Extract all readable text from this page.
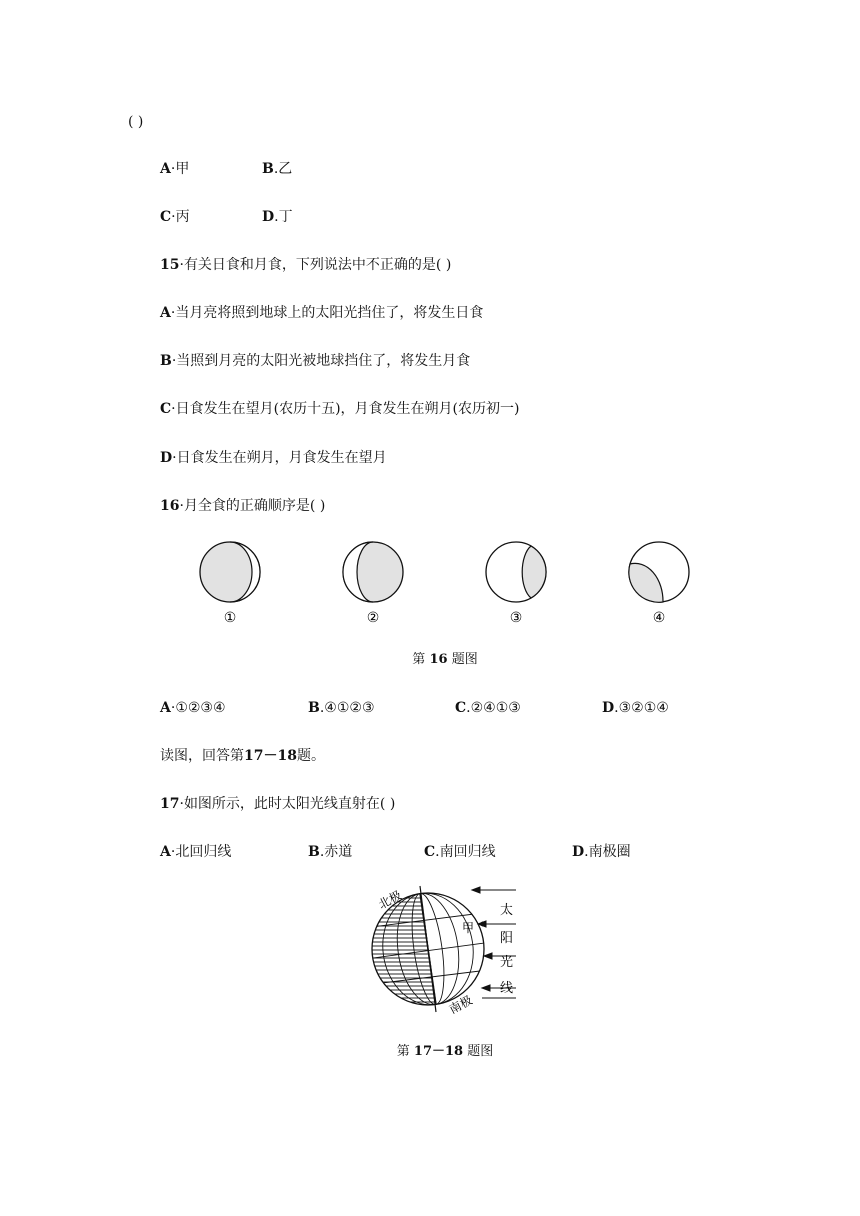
( )
A·甲	B.乙
C·丙	D.丁
15·有关日食和月食，下列说法中不正确的是( )
A·当月亮将照到地球上的太阳光挡住了，将发生日食
B·当照到月亮的太阳光被地球挡住了，将发生月食
C·日食发生在望月(农历十五)，月食发生在朔月(农历初一)
D·日食发生在朔月，月食发生在望月
16·月全食的正确顺序是( )
①	②	③	④
第 16 题图
A·①②③④	B.④①②③	C.②④①③	D.③②①④
读图，回答第17－18题。
17·如图所示，此时太阳光线直射在( )
A·北回归线	B.赤道	C.南回归线	D.南极圈
北极
南极
甲
太
阳
光
线
第 17－18 题图
